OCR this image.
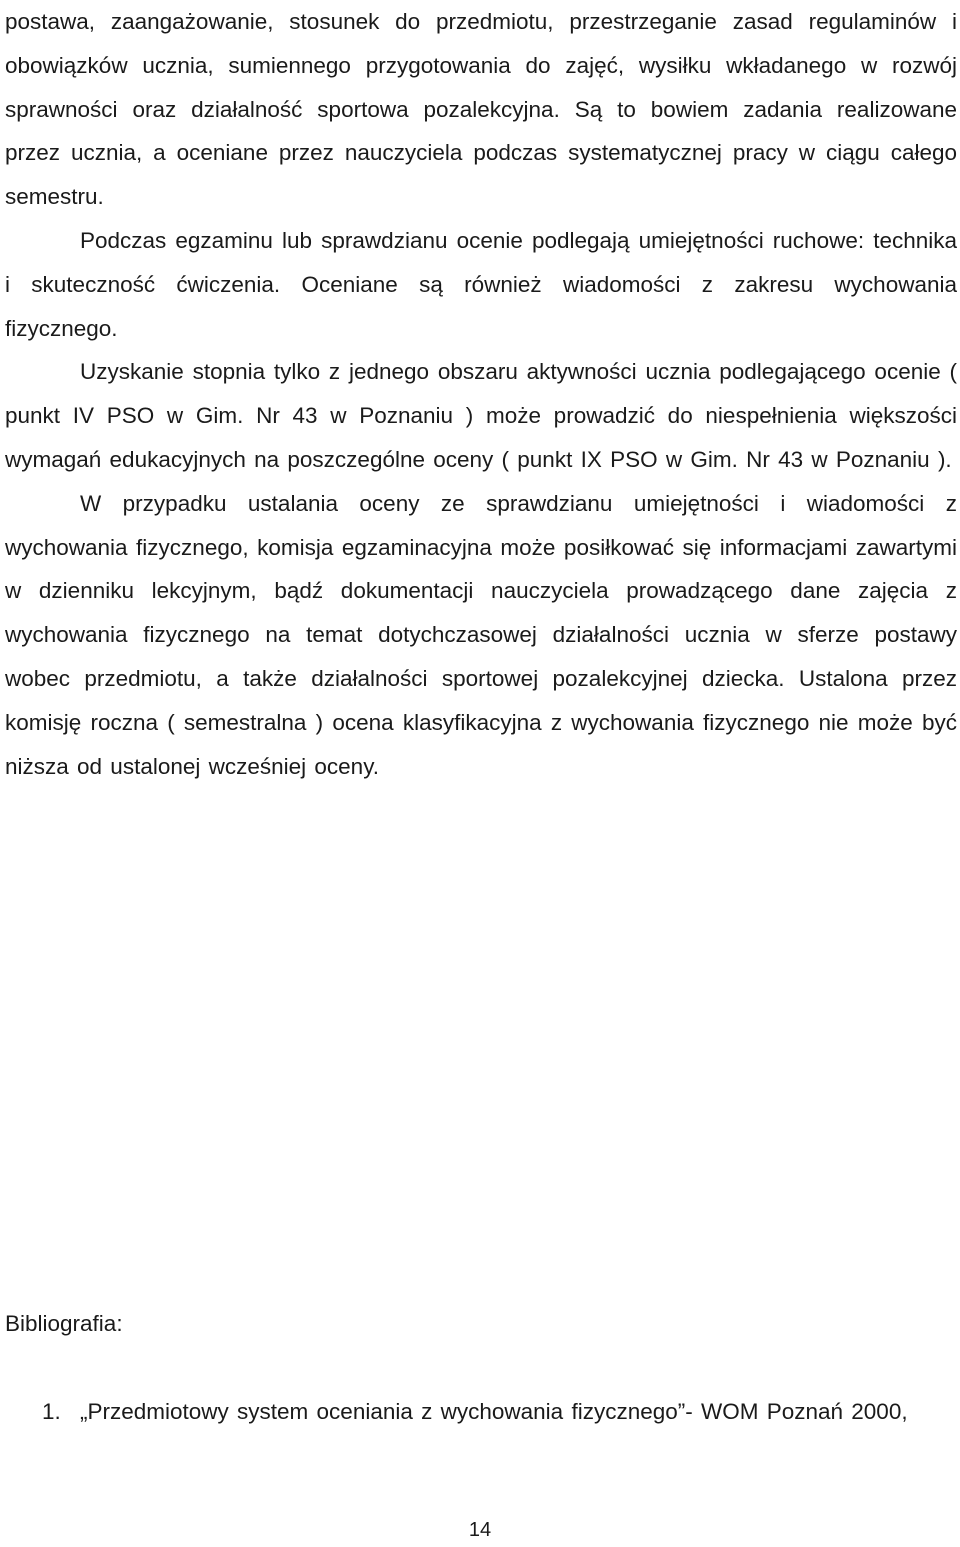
postawa, zaangażowanie, stosunek do przedmiotu, przestrzeganie zasad regulaminów i obowiązków ucznia, sumiennego przygotowania do zajęć, wysiłku wkładanego w rozwój sprawności oraz działalność sportowa pozalekcyjna. Są to bowiem zadania realizowane przez ucznia, a oceniane przez nauczyciela podczas systematycznej pracy w ciągu całego semestru.

Podczas egzaminu lub sprawdzianu ocenie podlegają umiejętności ruchowe: technika i skuteczność ćwiczenia. Oceniane są również wiadomości z zakresu wychowania fizycznego.

Uzyskanie stopnia tylko z jednego obszaru aktywności ucznia podlegającego ocenie ( punkt IV PSO w Gim. Nr 43 w Poznaniu ) może prowadzić do niespełnienia większości wymagań edukacyjnych na poszczególne oceny ( punkt IX PSO w Gim. Nr 43 w Poznaniu ).

W przypadku ustalania oceny ze sprawdzianu umiejętności i wiadomości z wychowania fizycznego, komisja egzaminacyjna może posiłkować się informacjami zawartymi w dzienniku lekcyjnym, bądź dokumentacji nauczyciela prowadzącego dane zajęcia z wychowania fizycznego na temat dotychczasowej działalności ucznia w sferze postawy wobec przedmiotu, a także działalności sportowej pozalekcyjnej dziecka. Ustalona przez komisję roczna ( semestralna ) ocena klasyfikacyjna z wychowania fizycznego nie może być niższa od ustalonej wcześniej oceny.

Bibliografia:

1. „Przedmiotowy system oceniania z wychowania fizycznego”- WOM Poznań 2000,
14
